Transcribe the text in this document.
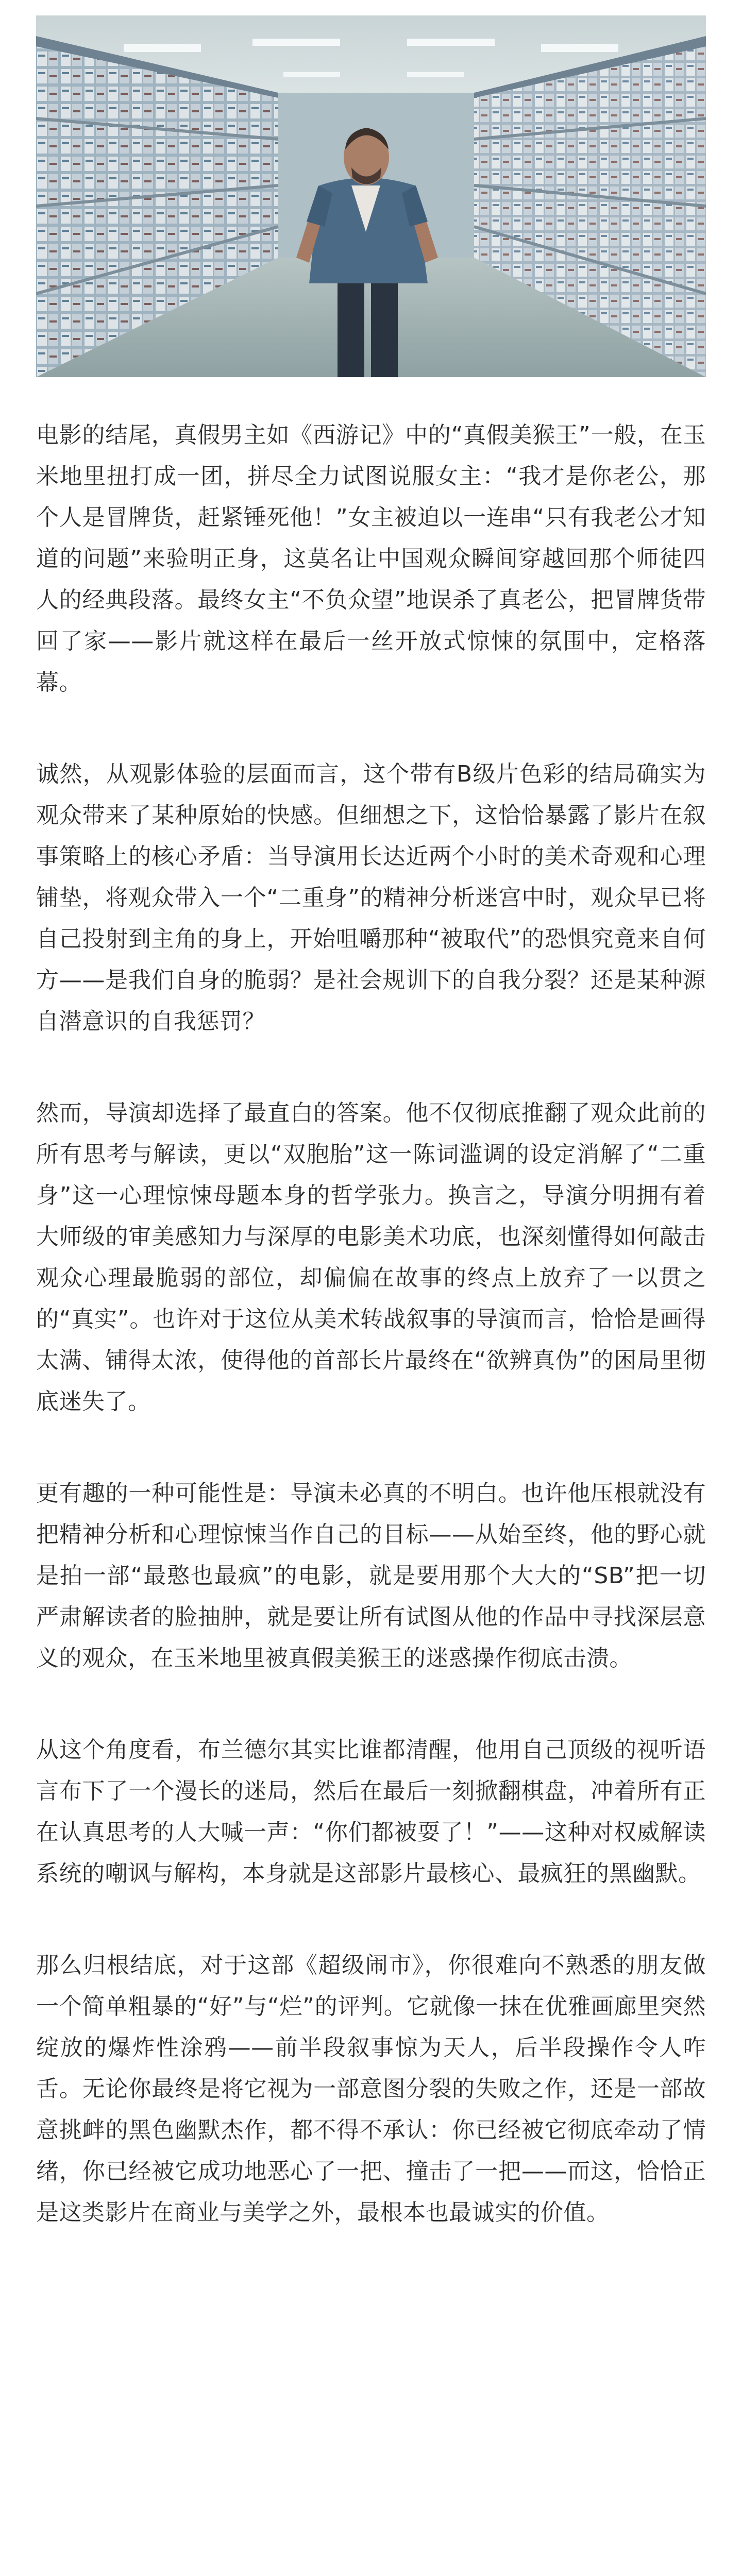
电影的结尾，真假男主如《西游记》中的“真假美猴王”一般，在玉米地里扭打成一团，拼尽全力试图说服女主：“我才是你老公，那个人是冒牌货，赶紧锤死他！”女主被迫以一连串“只有我老公才知道的问题”来验明正身，这莫名让中国观众瞬间穿越回那个师徒四人的经典段落。最终女主“不负众望”地误杀了真老公，把冒牌货带回了家——影片就这样在最后一丝开放式惊悚的氛围中，定格落幕。

诚然，从观影体验的层面而言，这个带有B级片色彩的结局确实为观众带来了某种原始的快感。但细想之下，这恰恰暴露了影片在叙事策略上的核心矛盾：当导演用长达近两个小时的美术奇观和心理铺垫，将观众带入一个“二重身”的精神分析迷宫中时，观众早已将自己投射到主角的身上，开始咀嚼那种“被取代”的恐惧究竟来自何方——是我们自身的脆弱？是社会规训下的自我分裂？还是某种源自潜意识的自我惩罚？

然而，导演却选择了最直白的答案。他不仅彻底推翻了观众此前的所有思考与解读，更以“双胞胎”这一陈词滥调的设定消解了“二重身”这一心理惊悚母题本身的哲学张力。换言之，导演分明拥有着大师级的审美感知力与深厚的电影美术功底，也深刻懂得如何敲击观众心理最脆弱的部位，却偏偏在故事的终点上放弃了一以贯之的“真实”。也许对于这位从美术转战叙事的导演而言，恰恰是画得太满、铺得太浓，使得他的首部长片最终在“欲辨真伪”的困局里彻底迷失了。

更有趣的一种可能性是：导演未必真的不明白。也许他压根就没有把精神分析和心理惊悚当作自己的目标——从始至终，他的野心就是拍一部“最憨也最疯”的电影，就是要用那个大大的“SB”把一切严肃解读者的脸抽肿，就是要让所有试图从他的作品中寻找深层意义的观众，在玉米地里被真假美猴王的迷惑操作彻底击溃。

从这个角度看，布兰德尔其实比谁都清醒，他用自己顶级的视听语言布下了一个漫长的迷局，然后在最后一刻掀翻棋盘，冲着所有正在认真思考的人大喊一声：“你们都被耍了！”——这种对权威解读系统的嘲讽与解构，本身就是这部影片最核心、最疯狂的黑幽默。

那么归根结底，对于这部《超级闹市》，你很难向不熟悉的朋友做一个简单粗暴的“好”与“烂”的评判。它就像一抹在优雅画廊里突然绽放的爆炸性涂鸦——前半段叙事惊为天人，后半段操作令人咋舌。无论你最终是将它视为一部意图分裂的失败之作，还是一部故意挑衅的黑色幽默杰作，都不得不承认：你已经被它彻底牵动了情绪，你已经被它成功地恶心了一把、撞击了一把——而这，恰恰正是这类影片在商业与美学之外，最根本也最诚实的价值。
